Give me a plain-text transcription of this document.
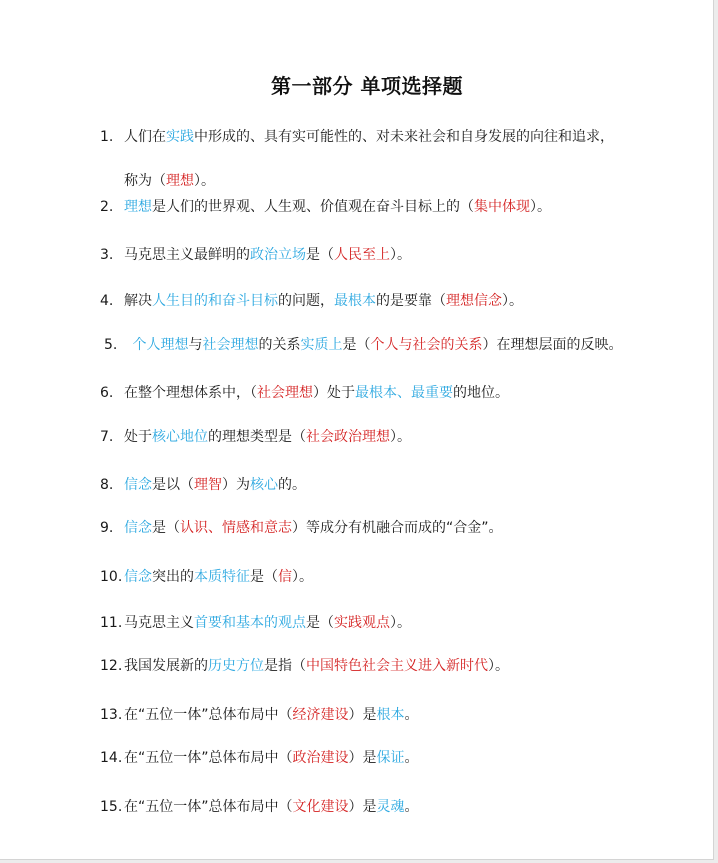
第一部分 单项选择题
1. 人们在实践中形成的、具有实可能性的、对未来社会和自身发展的向往和追求，
称为（理想）。
2. 理想是人们的世界观、人生观、价值观在奋斗目标上的（集中体现）。
3. 马克思主义最鲜明的政治立场是（人民至上）。
4. 解决人生目的和奋斗目标的问题，最根本的是要靠（理想信念）。
5. 个人理想与社会理想的关系实质上是（个人与社会的关系）在理想层面的反映。
6. 在整个理想体系中，（社会理想）处于最根本、最重要的地位。
7. 处于核心地位的理想类型是（社会政治理想）。
8. 信念是以（理智）为核心的。
9. 信念是（认识、情感和意志）等成分有机融合而成的“合金”。
10. 信念突出的本质特征是（信）。
11. 马克思主义首要和基本的观点是（实践观点）。
12. 我国发展新的历史方位是指（中国特色社会主义进入新时代）。
13. 在“五位一体”总体布局中（经济建设）是根本。
14. 在“五位一体”总体布局中（政治建设）是保证。
15. 在“五位一体”总体布局中（文化建设）是灵魂。
